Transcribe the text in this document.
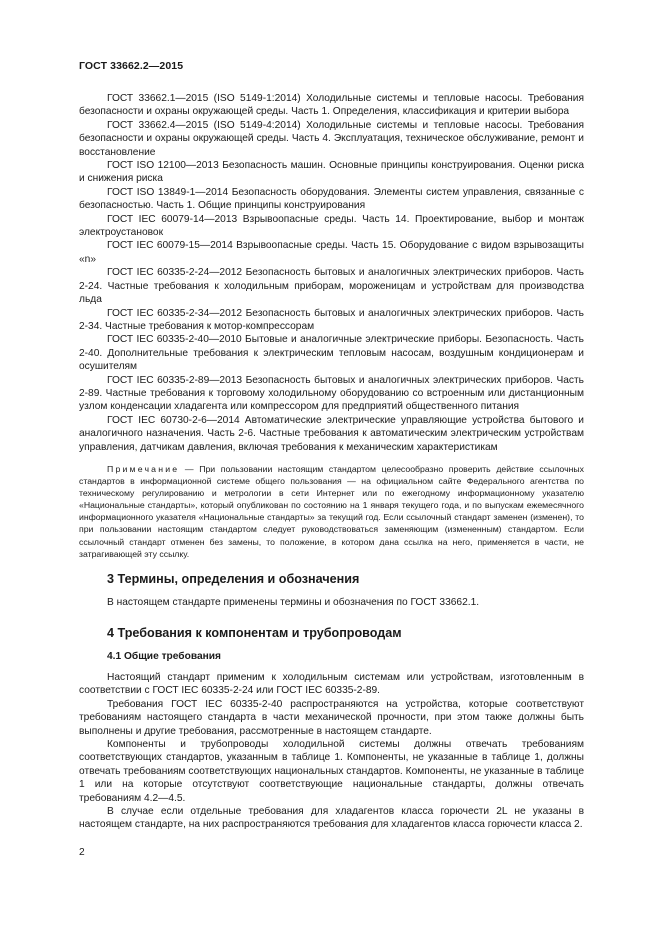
ГОСТ 33662.2—2015

ГОСТ 33662.1—2015 (ISO 5149-1:2014) Холодильные системы и тепловые насосы. Требования безопасности и охраны окружающей среды. Часть 1. Определения, классификация и критерии выбора

ГОСТ 33662.4—2015 (ISO 5149-4:2014) Холодильные системы и тепловые насосы. Требования безопасности и охраны окружающей среды. Часть 4. Эксплуатация, техническое обслуживание, ремонт и восстановление

ГОСТ ISO 12100—2013 Безопасность машин. Основные принципы конструирования. Оценки риска и снижения риска

ГОСТ ISO 13849-1—2014 Безопасность оборудования. Элементы систем управления, связанные с безопасностью. Часть 1. Общие принципы конструирования

ГОСТ IEC 60079-14—2013 Взрывоопасные среды. Часть 14. Проектирование, выбор и монтаж электроустановок

ГОСТ IEC 60079-15—2014 Взрывоопасные среды. Часть 15. Оборудование с видом взрывозащиты «n»

ГОСТ IEC 60335-2-24—2012 Безопасность бытовых и аналогичных электрических приборов. Часть 2-24. Частные требования к холодильным приборам, мороженицам и устройствам для производства льда

ГОСТ IEC 60335-2-34—2012 Безопасность бытовых и аналогичных электрических приборов. Часть 2-34. Частные требования к мотор-компрессорам

ГОСТ IEC 60335-2-40—2010 Бытовые и аналогичные электрические приборы. Безопасность. Часть 2-40. Дополнительные требования к электрическим тепловым насосам, воздушным кондиционерам и осушителям

ГОСТ IEC 60335-2-89—2013 Безопасность бытовых и аналогичных электрических приборов. Часть 2-89. Частные требования к торговому холодильному оборудованию со встроенным или дистанционным узлом конденсации хладагента или компрессором для предприятий общественного питания

ГОСТ IEC 60730-2-6—2014 Автоматические электрические управляющие устройства бытового и аналогичного назначения. Часть 2-6. Частные требования к автоматическим электрическим устройствам управления, датчикам давления, включая требования к механическим характеристикам

Примечание — При пользовании настоящим стандартом целесообразно проверить действие ссылочных стандартов в информационной системе общего пользования — на официальном сайте Федерального агентства по техническому регулированию и метрологии в сети Интернет или по ежегодному информационному указателю «Национальные стандарты», который опубликован по состоянию на 1 января текущего года, и по выпускам ежемесячного информационного указателя «Национальные стандарты» за текущий год. Если ссылочный стандарт заменен (изменен), то при пользовании настоящим стандартом следует руководствоваться заменяющим (измененным) стандартом. Если ссылочный стандарт отменен без замены, то положение, в котором дана ссылка на него, применяется в части, не затрагивающей эту ссылку.

3 Термины, определения и обозначения

В настоящем стандарте применены термины и обозначения по ГОСТ 33662.1.

4 Требования к компонентам и трубопроводам
4.1 Общие требования

Настоящий стандарт применим к холодильным системам или устройствам, изготовленным в соответствии с ГОСТ IEC 60335-2-24 или ГОСТ IEC 60335-2-89.

Требования ГОСТ IEC 60335-2-40 распространяются на устройства, которые соответствуют требованиям настоящего стандарта в части механической прочности, при этом также должны быть выполнены и другие требования, рассмотренные в настоящем стандарте.

Компоненты и трубопроводы холодильной системы должны отвечать требованиям соответствующих стандартов, указанным в таблице 1. Компоненты, не указанные в таблице 1, должны отвечать требованиям соответствующих национальных стандартов. Компоненты, не указанные в таблице 1 или на которые отсутствуют соответствующие национальные стандарты, должны отвечать требованиям 4.2—4.5.

В случае если отдельные требования для хладагентов класса горючести 2L не указаны в настоящем стандарте, на них распространяются требования для хладагентов класса горючести класса 2.

2
